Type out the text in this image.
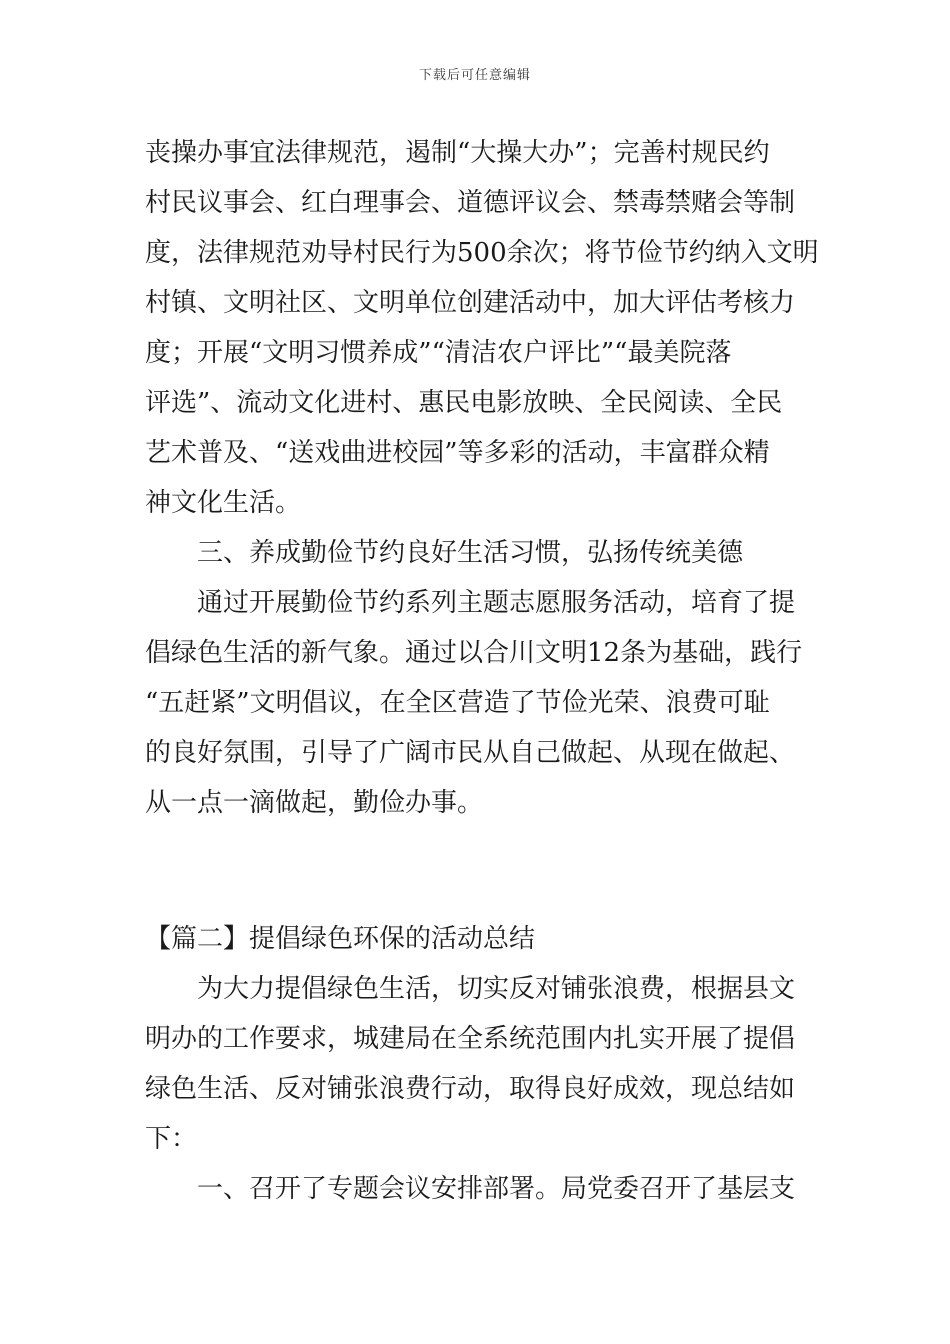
下载后可任意编辑
丧操办事宜法律规范，遏制“大操大办”；完善村规民约
村民议事会、红白理事会、道德评议会、禁毒禁赌会等制
度，法律规范劝导村民行为500余次；将节俭节约纳入文明
村镇、文明社区、文明单位创建活动中，加大评估考核力
度；开展“文明习惯养成”“清洁农户评比”“最美院落
评选”、流动文化进村、惠民电影放映、全民阅读、全民
艺术普及、“送戏曲进校园”等多彩的活动，丰富群众精
神文化生活。
三、养成勤俭节约良好生活习惯，弘扬传统美德
通过开展勤俭节约系列主题志愿服务活动，培育了提
倡绿色生活的新气象。通过以合川文明12条为基础，践行
“五赶紧”文明倡议，在全区营造了节俭光荣、浪费可耻
的良好氛围，引导了广阔市民从自己做起、从现在做起、
从一点一滴做起，勤俭办事。
【篇二】提倡绿色环保的活动总结
为大力提倡绿色生活，切实反对铺张浪费，根据县文
明办的工作要求，城建局在全系统范围内扎实开展了提倡
绿色生活、反对铺张浪费行动，取得良好成效，现总结如
下：
一、召开了专题会议安排部署。局党委召开了基层支
